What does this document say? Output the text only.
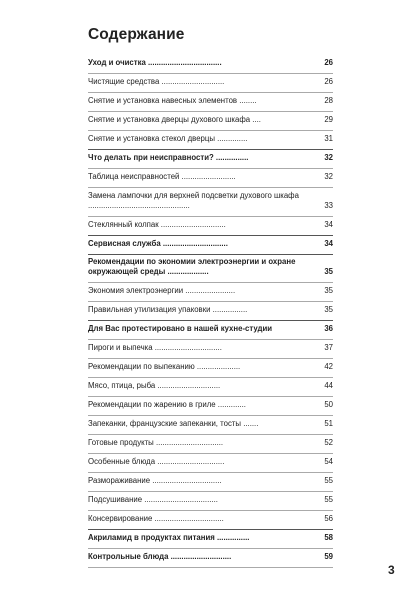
Содержание
Уход и очистка ..................................	26
Чистящие средства .............................	26
Снятие и установка навесных элементов ........	28
Снятие и установка дверцы духового шкафа ....	29
Снятие и установка стекол дверцы ..............	31
Что делать при неисправности? ...............	32
Таблица неисправностей .........................	32
Замена лампочки для верхней подсветки духового шкафа ...............................................	33
Стеклянный колпак ..............................	34
Сервисная служба ..............................	34
Рекомендации по экономии электроэнергии и охране окружающей среды ...................	35
Экономия электроэнергии .......................	35
Правильная утилизация упаковки ................	35
Для Вас протестировано в нашей кухне-студии	36
Пироги и выпечка ...............................	37
Рекомендации по выпеканию ....................	42
Мясо, птица, рыба .............................	44
Рекомендации по жарению в гриле .............	50
Запеканки, французские запеканки, тосты .......	51
Готовые продукты ...............................	52
Особенные блюда ...............................	54
Размораживание ................................	55
Подсушивание ..................................	55
Консервирование ................................	56
Акриламид в продуктах питания ...............	58
Контрольные блюда ............................	59
3
